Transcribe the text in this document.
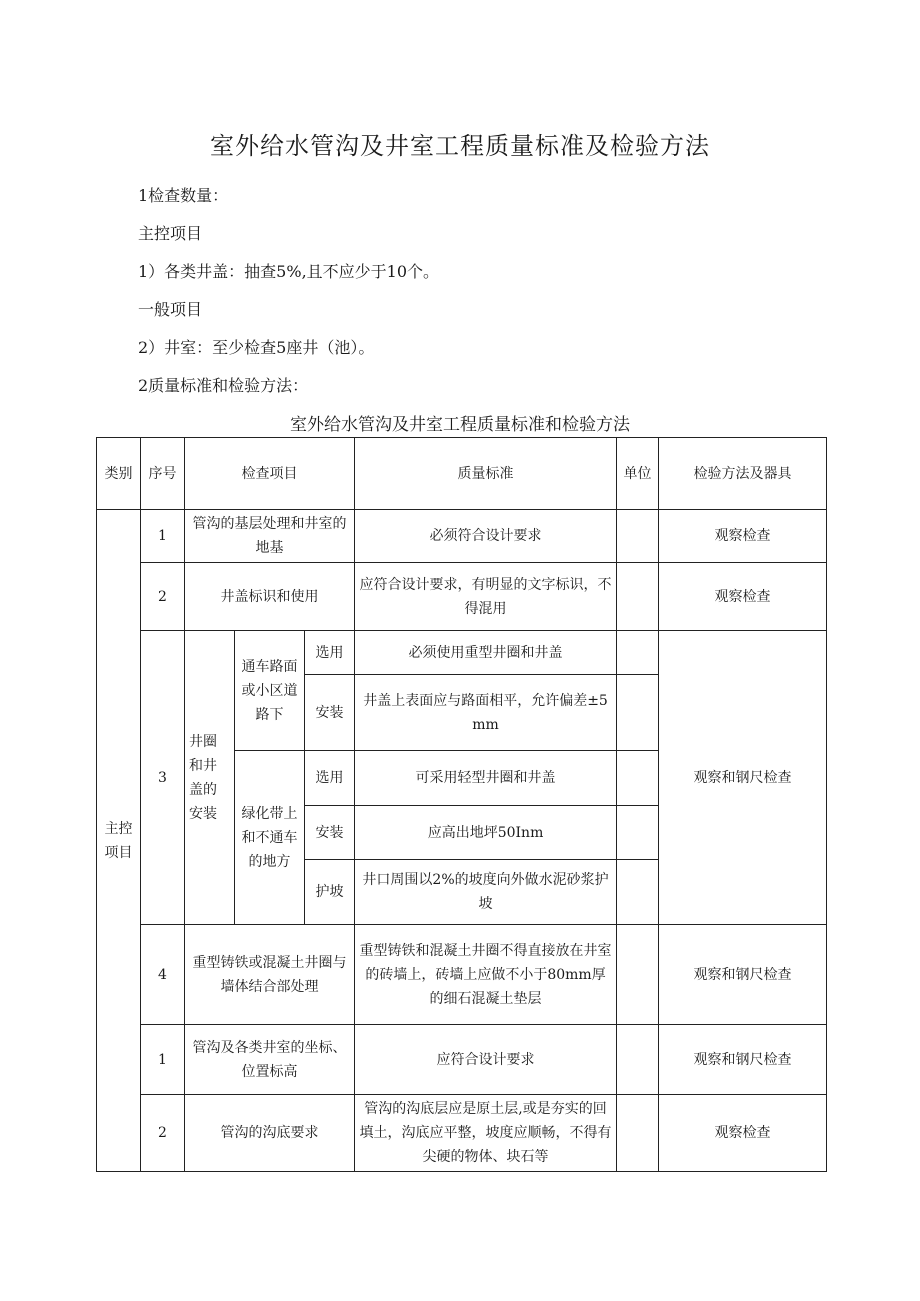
室外给水管沟及井室工程质量标准及检验方法

1检查数量：

主控项目

1）各类井盖：抽查5%,且不应少于10个。

一般项目

2）井室：至少检查5座井（池）。

2质量标准和检验方法：

室外给水管沟及井室工程质量标准和检验方法

类别	序号	检查项目			质量标准	单位	检验方法及器具
主控项目	1	管沟的基层处理和井室的地基			必须符合设计要求		观察检查
	2	井盖标识和使用			应符合设计要求，有明显的文字标识，不得混用		观察检查
	3	井圈和井盖的安装	通车路面或小区道路下	选用	必须使用重型井圈和井盖		观察和钢尺检查
				安装	井盖上表面应与路面相平，允许偏差±5mm		
			绿化带上和不通车的地方	选用	可采用轻型井圈和井盖		
				安装	应高出地坪50Inm		
				护坡	井口周围以2%的坡度向外做水泥砂浆护坡		
	4	重型铸铁或混凝土井圈与墙体结合部处理			重型铸铁和混凝土井圈不得直接放在井室的砖墙上，砖墙上应做不小于80mm厚的细石混凝土垫层		观察和钢尺检查
	1	管沟及各类井室的坐标、位置标高			应符合设计要求		观察和钢尺检查
	2	管沟的沟底要求			管沟的沟底层应是原土层,或是夯实的回填土，沟底应平整，坡度应顺畅，不得有尖硬的物体、块石等		观察检查
